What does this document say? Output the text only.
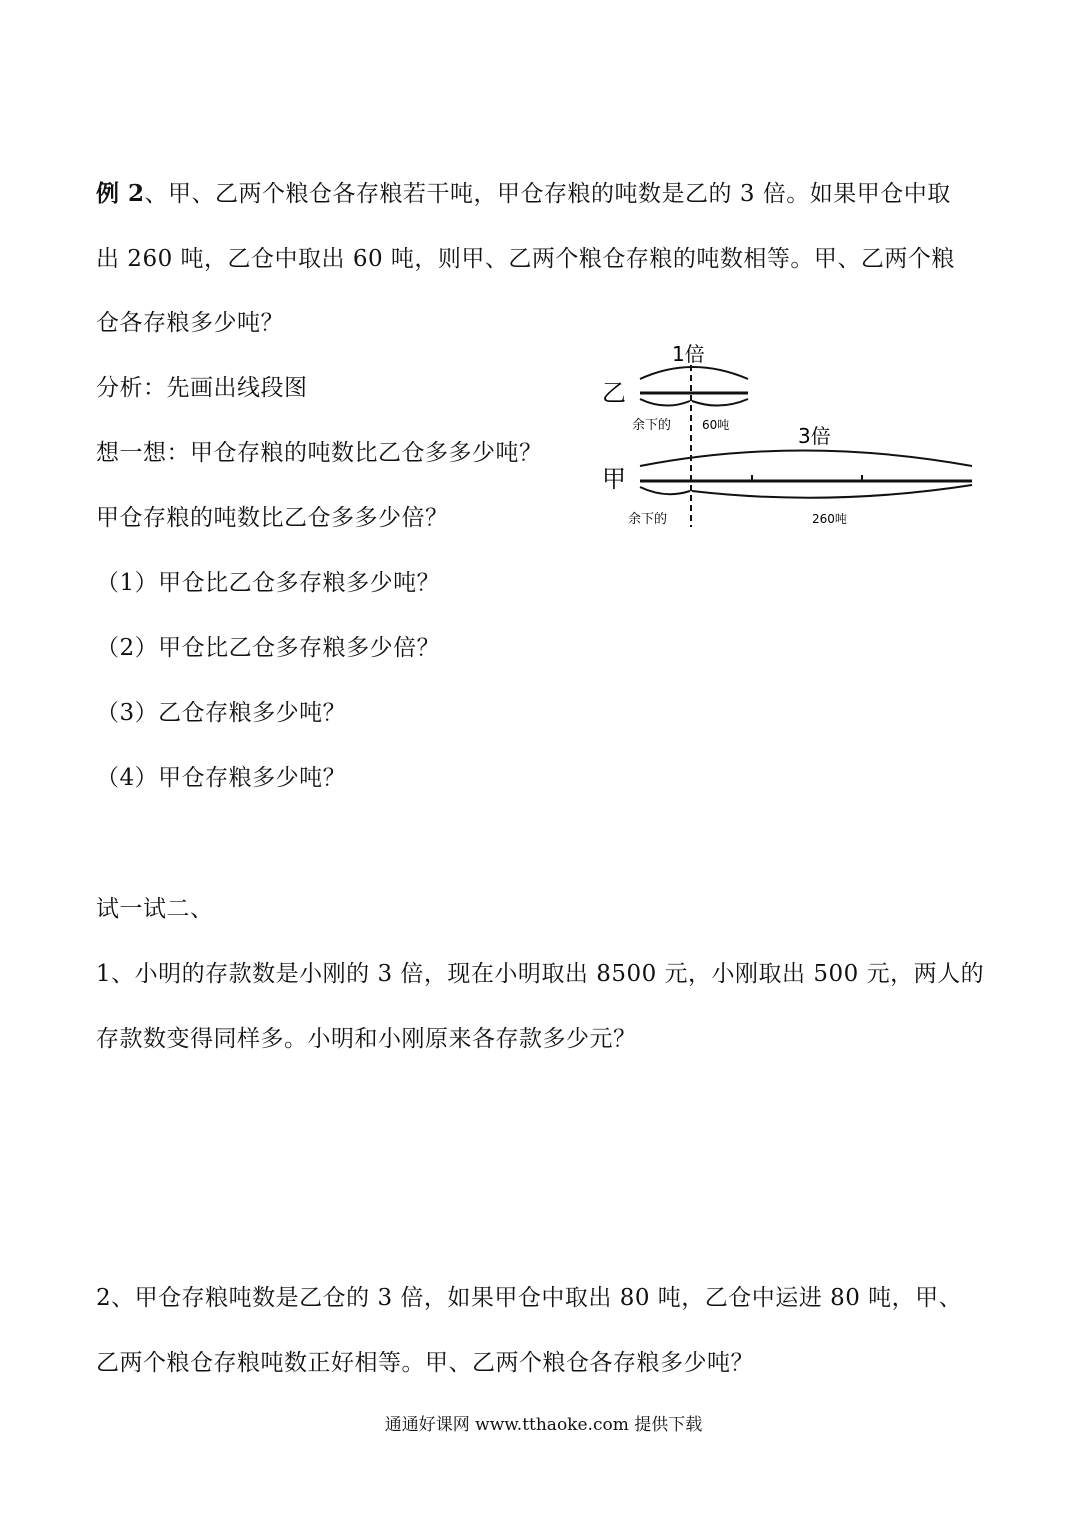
例 2、甲、乙两个粮仓各存粮若干吨，甲仓存粮的吨数是乙的 3 倍。如果甲仓中取
出 260 吨，乙仓中取出 60 吨，则甲、乙两个粮仓存粮的吨数相等。甲、乙两个粮
仓各存粮多少吨？
分析：先画出线段图
想一想：甲仓存粮的吨数比乙仓多多少吨？
甲仓存粮的吨数比乙仓多多少倍？
（1）甲仓比乙仓多存粮多少吨？
（2）甲仓比乙仓多存粮多少倍？
（3）乙仓存粮多少吨？
（4）甲仓存粮多少吨？
乙
1倍
余下的	60吨
甲
3倍
余下的	260吨
试一试二、
1、小明的存款数是小刚的 3 倍，现在小明取出 8500 元，小刚取出 500 元，两人的
存款数变得同样多。小明和小刚原来各存款多少元？
2、甲仓存粮吨数是乙仓的 3 倍，如果甲仓中取出 80 吨，乙仓中运进 80 吨，甲、
乙两个粮仓存粮吨数正好相等。甲、乙两个粮仓各存粮多少吨？
通通好课网 www.tthaoke.com 提供下载
